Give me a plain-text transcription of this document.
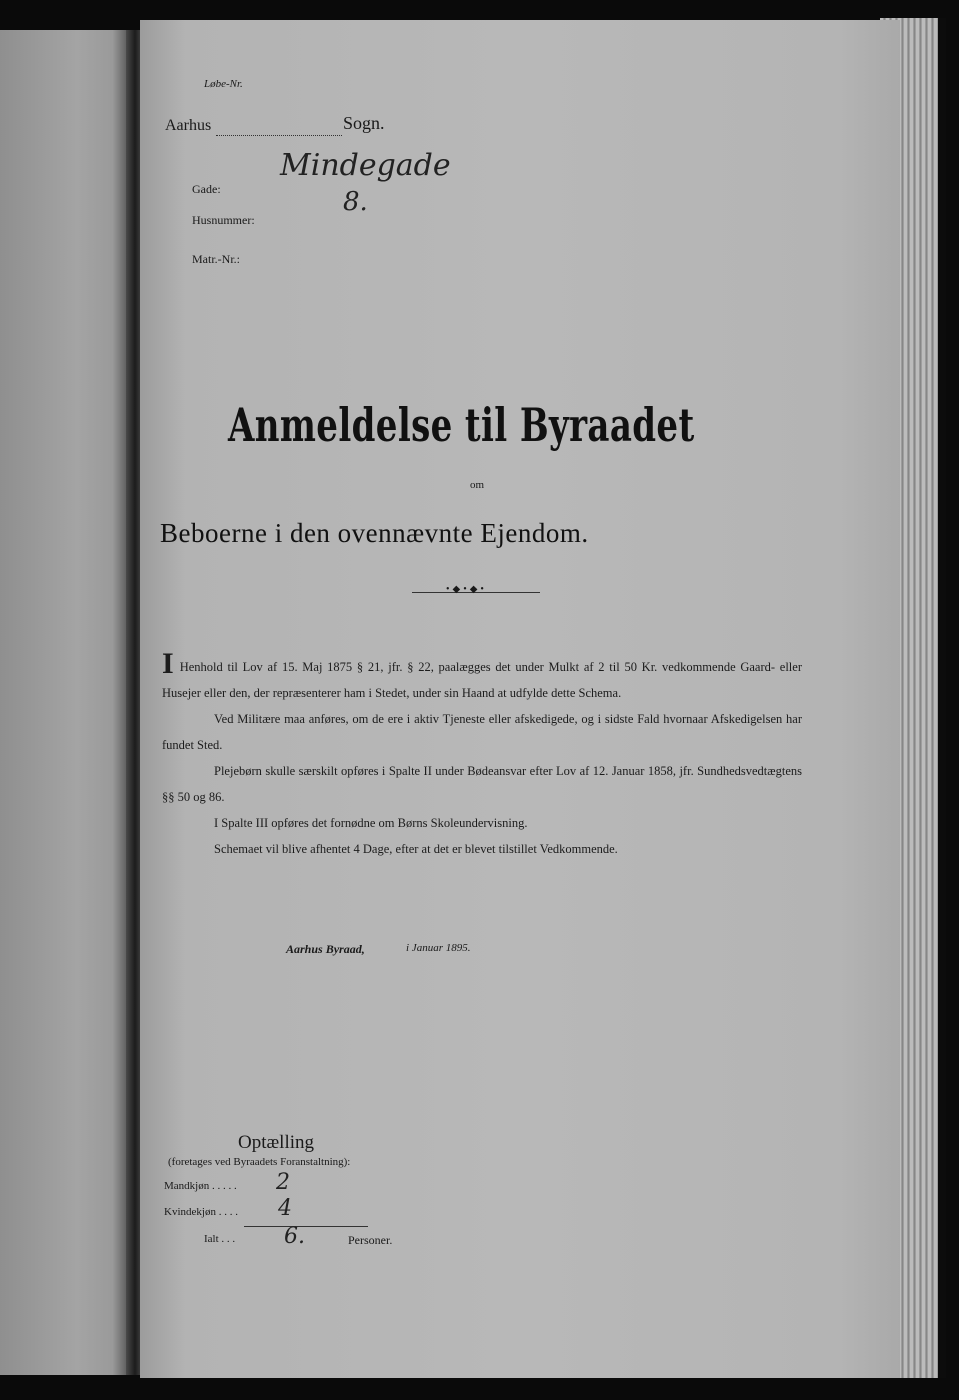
Løbe-Nr.
Aarhus	Sogn.
Gade:
Mindegade
Husnummer:
8.
Matr.-Nr.:
Anmeldelse til Byraadet
om
Beboerne i den ovennævnte Ejendom.
•◆•◆•

I Henhold til Lov af 15. Maj 1875 § 21, jfr. § 22, paalægges det under Mulkt af 2 til 50 Kr. vedkommende Gaard- eller Husejer eller den, der repræsenterer ham i Stedet, under sin Haand at udfylde dette Schema.

Ved Militære maa anføres, om de ere i aktiv Tjeneste eller afskedigede, og i sidste Fald hvornaar Afskedigelsen har fundet Sted.

Plejebørn skulle særskilt opføres i Spalte II under Bødeansvar efter Lov af 12. Januar 1858, jfr. Sundhedsvedtægtens §§ 50 og 86.

I Spalte III opføres det fornødne om Børns Skoleundervisning.

Schemaet vil blive afhentet 4 Dage, efter at det er blevet tilstillet Vedkommende.

Aarhus Byraad,	i Januar 1895.
Optælling
(foretages ved Byraadets Foranstaltning):
Mandkjøn . . . . . 2
Kvindekjøn . . . . 4
Ialt . . . 6.	Personer.
